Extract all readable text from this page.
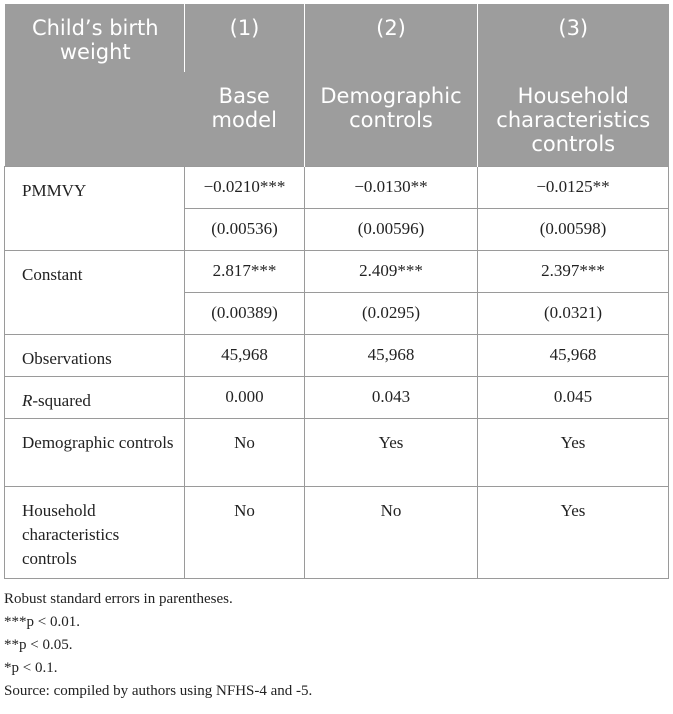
Child’s birth weight	(1)	(2)	(3)
	Base model	Demographic controls	Household characteristics controls
PMMVY	−0.0210***	−0.0130**	−0.0125**
	(0.00536)	(0.00596)	(0.00598)
Constant	2.817***	2.409***	2.397***
	(0.00389)	(0.0295)	(0.0321)
Observations	45,968	45,968	45,968
R-squared	0.000	0.043	0.045
Demographic controls	No	Yes	Yes
Household characteristics controls	No	No	Yes
Robust standard errors in parentheses.
***p < 0.01.
**p < 0.05.
*p < 0.1.
Source: compiled by authors using NFHS-4 and -5.
